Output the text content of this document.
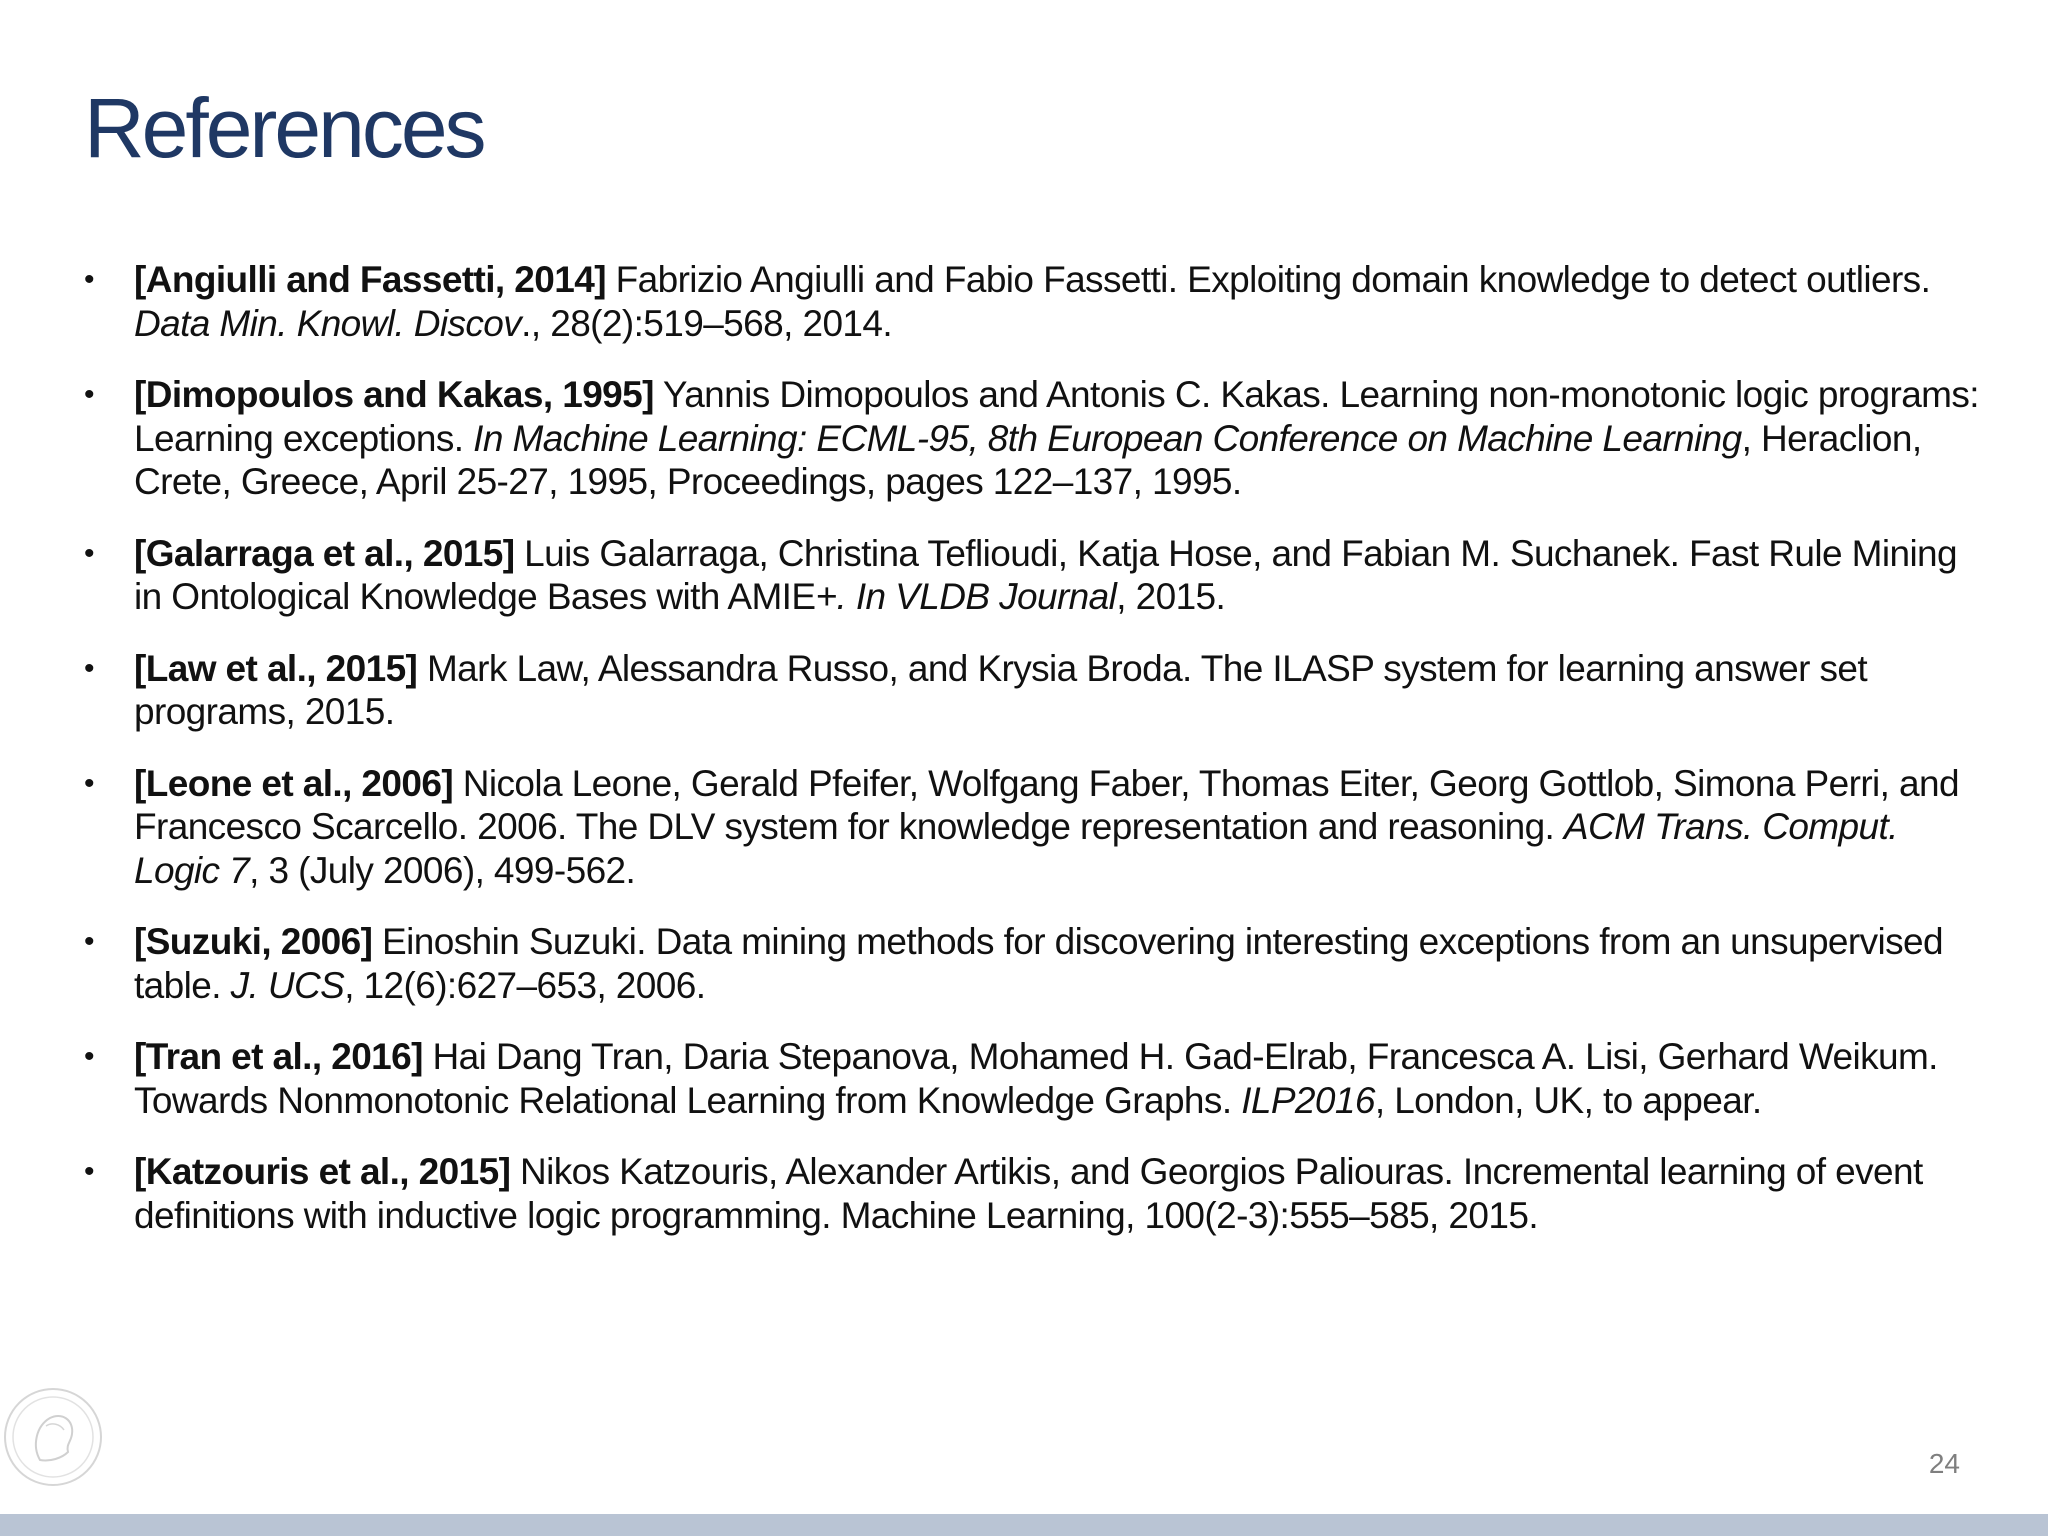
References
• [Angiulli and Fassetti, 2014] Fabrizio Angiulli and Fabio Fassetti. Exploiting domain knowledge to detect outliers. Data Min. Knowl. Discov., 28(2):519–568, 2014.
• [Dimopoulos and Kakas, 1995] Yannis Dimopoulos and Antonis C. Kakas. Learning non-monotonic logic programs: Learning exceptions. In Machine Learning: ECML-95, 8th European Conference on Machine Learning, Heraclion, Crete, Greece, April 25-27, 1995, Proceedings, pages 122–137, 1995.
• [Galarraga et al., 2015] Luis Galarraga, Christina Teflioudi, Katja Hose, and Fabian M. Suchanek. Fast Rule Mining in Ontological Knowledge Bases with AMIE+. In VLDB Journal, 2015.
• [Law et al., 2015] Mark Law, Alessandra Russo, and Krysia Broda. The ILASP system for learning answer set programs, 2015.
• [Leone et al., 2006] Nicola Leone, Gerald Pfeifer, Wolfgang Faber, Thomas Eiter, Georg Gottlob, Simona Perri, and Francesco Scarcello. 2006. The DLV system for knowledge representation and reasoning. ACM Trans. Comput. Logic 7, 3 (July 2006), 499-562.
• [Suzuki, 2006] Einoshin Suzuki. Data mining methods for discovering interesting exceptions from an unsupervised table. J. UCS, 12(6):627–653, 2006.
• [Tran et al., 2016] Hai Dang Tran, Daria Stepanova, Mohamed H. Gad-Elrab, Francesca A. Lisi, Gerhard Weikum. Towards Nonmonotonic Relational Learning from Knowledge Graphs. ILP2016, London, UK, to appear.
• [Katzouris et al., 2015] Nikos Katzouris, Alexander Artikis, and Georgios Paliouras. Incremental learning of event definitions with inductive logic programming. Machine Learning, 100(2-3):555–585, 2015.
24
